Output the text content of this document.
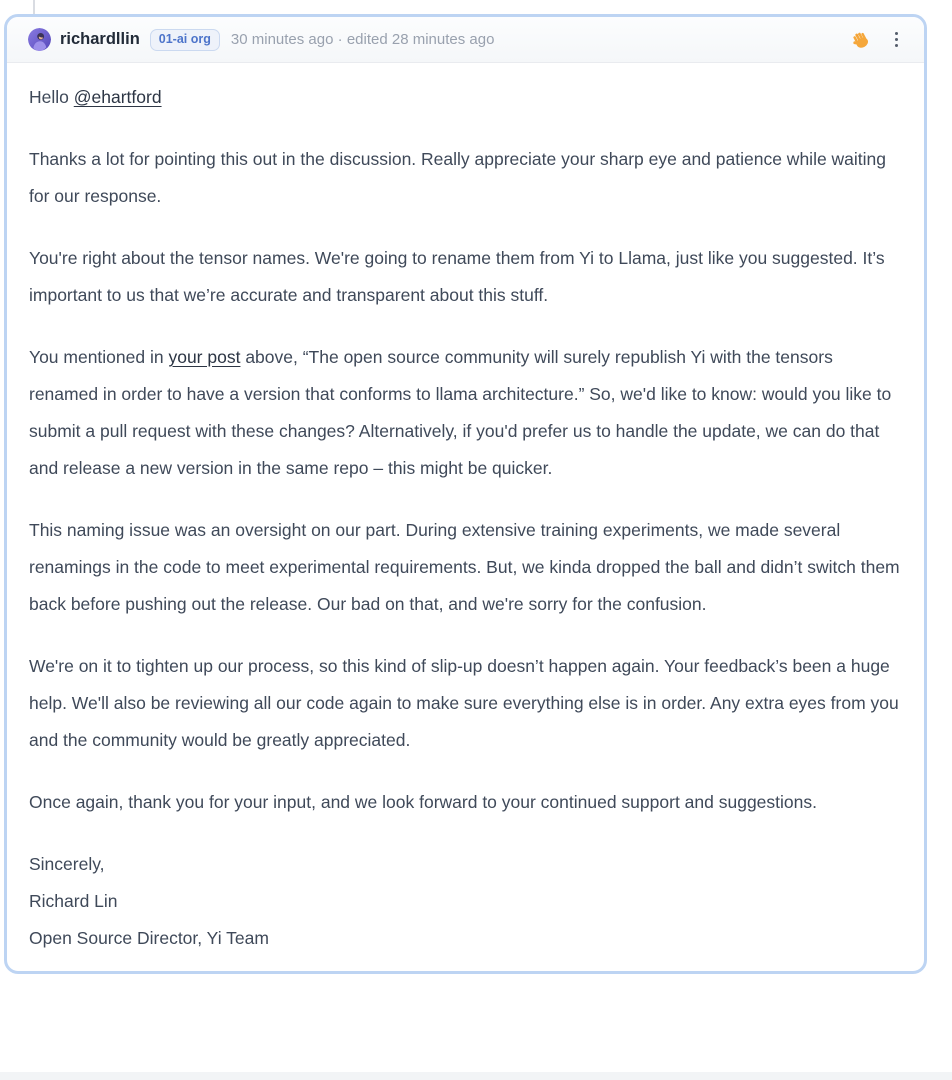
richardllin	01-ai org	30 minutes ago · edited 28 minutes ago

Hello @ehartford

Thanks a lot for pointing this out in the discussion. Really appreciate your sharp eye and patience while waiting for our response.

You're right about the tensor names. We're going to rename them from Yi to Llama, just like you suggested. It’s important to us that we’re accurate and transparent about this stuff.

You mentioned in your post above, “The open source community will surely republish Yi with the tensors renamed in order to have a version that conforms to llama architecture.” So, we'd like to know: would you like to submit a pull request with these changes? Alternatively, if you'd prefer us to handle the update, we can do that and release a new version in the same repo – this might be quicker.

This naming issue was an oversight on our part. During extensive training experiments, we made several renamings in the code to meet experimental requirements. But, we kinda dropped the ball and didn’t switch them back before pushing out the release. Our bad on that, and we're sorry for the confusion.

We're on it to tighten up our process, so this kind of slip-up doesn’t happen again. Your feedback’s been a huge help. We'll also be reviewing all our code again to make sure everything else is in order. Any extra eyes from you and the community would be greatly appreciated.

Once again, thank you for your input, and we look forward to your continued support and suggestions.

Sincerely,
Richard Lin
Open Source Director, Yi Team
